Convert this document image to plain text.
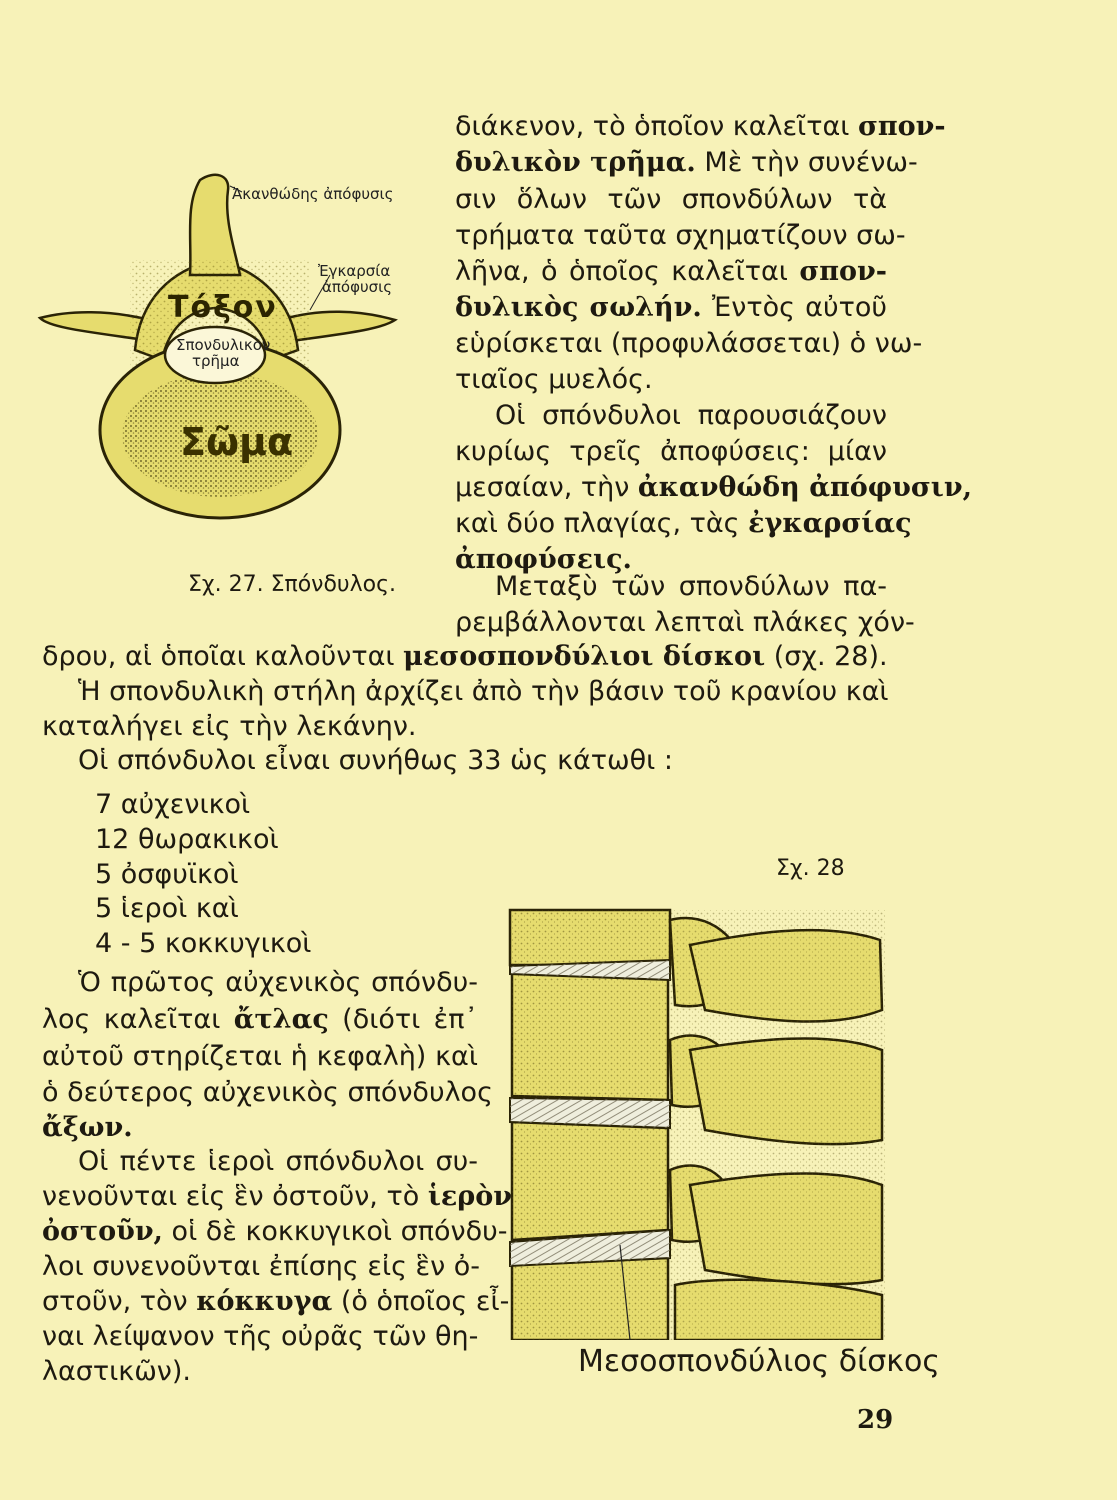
Ἀκανθώδης ἀπόφυσις
Ἐγκαρσία
ἀπόφυσις
Τόξον
Σπονδυλικὸν
τρῆμα
Σῶμα
Σχ. 27. Σπόνδυλος.
διάκενον, τὸ ὁποῖον καλεῖται σπον-
δυλικὸν τρῆμα. Μὲ τὴν συνένω-
σιν ὅλων τῶν σπονδύλων τὰ
τρήματα ταῦτα σχηματίζουν σω-
λῆνα, ὁ ὁποῖος καλεῖται σπον-
δυλικὸς σωλήν. Ἐντὸς αὐτοῦ
εὑρίσκεται (προφυλάσσεται) ὁ νω-
τιαῖος μυελός.
Οἱ σπόνδυλοι παρουσιάζουν
κυρίως τρεῖς ἀποφύσεις: μίαν
μεσαίαν, τὴν ἀκανθώδη ἀπόφυσιν,
καὶ δύο πλαγίας, τὰς ἐγκαρσίας
ἀποφύσεις.
Μεταξὺ τῶν σπονδύλων πα-
ρεμβάλλονται λεπταὶ πλάκες χόν-
δρου, αἱ ὁποῖαι καλοῦνται μεσοσπονδύλιοι δίσκοι (σχ. 28).
Ἡ σπονδυλικὴ στήλη ἀρχίζει ἀπὸ τὴν βάσιν τοῦ κρανίου καὶ
καταλήγει εἰς τὴν λεκάνην.
Οἱ σπόνδυλοι εἶναι συνήθως 33 ὡς κάτωθι :
7 αὐχενικοὶ
12 θωρακικοὶ
5 ὀσφυϊκοὶ
5 ἱεροὶ καὶ
4 - 5 κοκκυγικοὶ
Ὁ πρῶτος αὐχενικὸς σπόνδυ-
λος καλεῖται ἄτλας (διότι ἐπ᾽
αὐτοῦ στηρίζεται ἡ κεφαλὴ) καὶ
ὁ δεύτερος αὐχενικὸς σπόνδυλος
ἄξων.
Οἱ πέντε ἱεροὶ σπόνδυλοι συ-
νενοῦνται εἰς ἓν ὀστοῦν, τὸ ἱερὸν
ὀστοῦν, οἱ δὲ κοκκυγικοὶ σπόνδυ-
λοι συνενοῦνται ἐπίσης εἰς ἓν ὀ-
στοῦν, τὸν κόκκυγα (ὁ ὁποῖος εἶ-
ναι λείψανον τῆς οὐρᾶς τῶν θη-
λαστικῶν).
Σχ. 28
Μεσοσπονδύλιος δίσκος
29
